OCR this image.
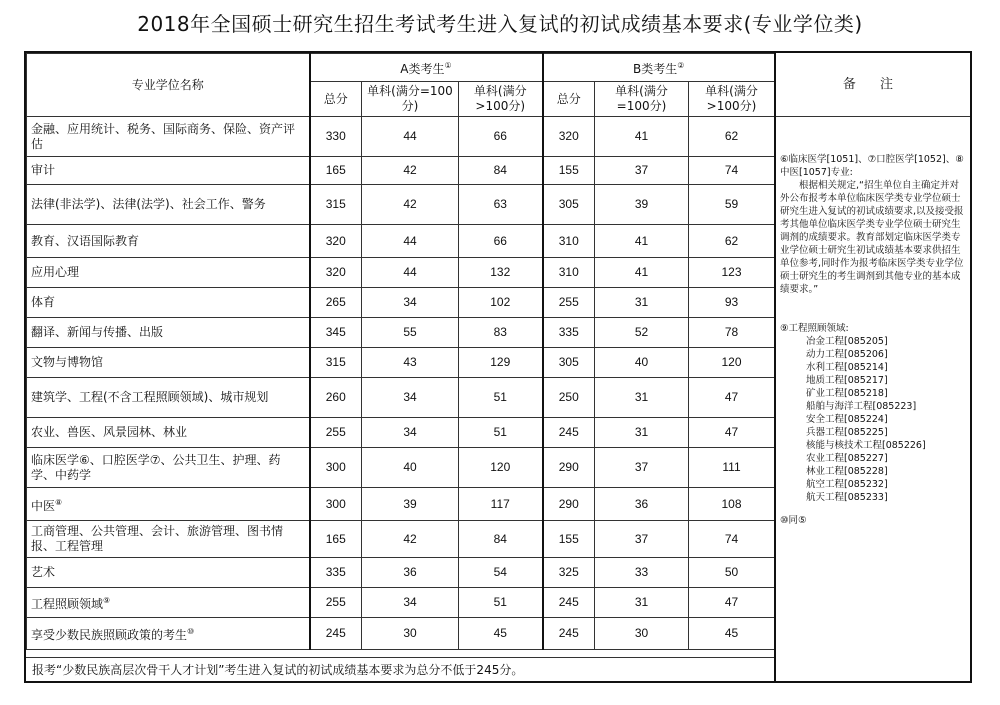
2018年全国硕士研究生招生考试考生进入复试的初试成绩基本要求(专业学位类)
专业学位名称	A类考生①			B类考生②
	总分	单科(满分=100分)	单科(满分>100分)	总分	单科(满分=100分)	单科(满分>100分)
金融、应用统计、税务、国际商务、保险、资产评估	330	44	66	320	41	62
审计	165	42	84	155	37	74
法律(非法学)、法律(法学)、社会工作、警务	315	42	63	305	39	59
教育、汉语国际教育	320	44	66	310	41	62
应用心理	320	44	132	310	41	123
体育	265	34	102	255	31	93
翻译、新闻与传播、出版	345	55	83	335	52	78
文物与博物馆	315	43	129	305	40	120
建筑学、工程(不含工程照顾领域)、城市规划	260	34	51	250	31	47
农业、兽医、风景园林、林业	255	34	51	245	31	47
临床医学⑥、口腔医学⑦、公共卫生、护理、药学、中药学	300	40	120	290	37	111
中医⑧	300	39	117	290	36	108
工商管理、公共管理、会计、旅游管理、图书情报、工程管理	165	42	84	155	37	74
艺术	335	36	54	325	33	50
工程照顾领域⑨	255	34	51	245	31	47
享受少数民族照顾政策的考生⑩	245	30	45	245	30	45
报考“少数民族高层次骨干人才计划”考生进入复试的初试成绩基本要求为总分不低于245分。
备 注

⑥临床医学[1051]、⑦口腔医学[1052]、⑧中医[1057]专业:

根据相关规定,“招生单位自主确定并对外公布报考本单位临床医学类专业学位硕士研究生进入复试的初试成绩要求,以及接受报考其他单位临床医学类专业学位硕士研究生调剂的成绩要求。教育部划定临床医学类专业学位硕士研究生初试成绩基本要求供招生单位参考,同时作为报考临床医学类专业学位硕士研究生的考生调剂到其他专业的基本成绩要求。”

⑨工程照顾领域:

冶金工程[085205]

动力工程[085206]

水利工程[085214]

地质工程[085217]

矿业工程[085218]

船舶与海洋工程[085223]

安全工程[085224]

兵器工程[085225]

核能与核技术工程[085226]

农业工程[085227]

林业工程[085228]

航空工程[085232]

航天工程[085233]

⑩同⑤
